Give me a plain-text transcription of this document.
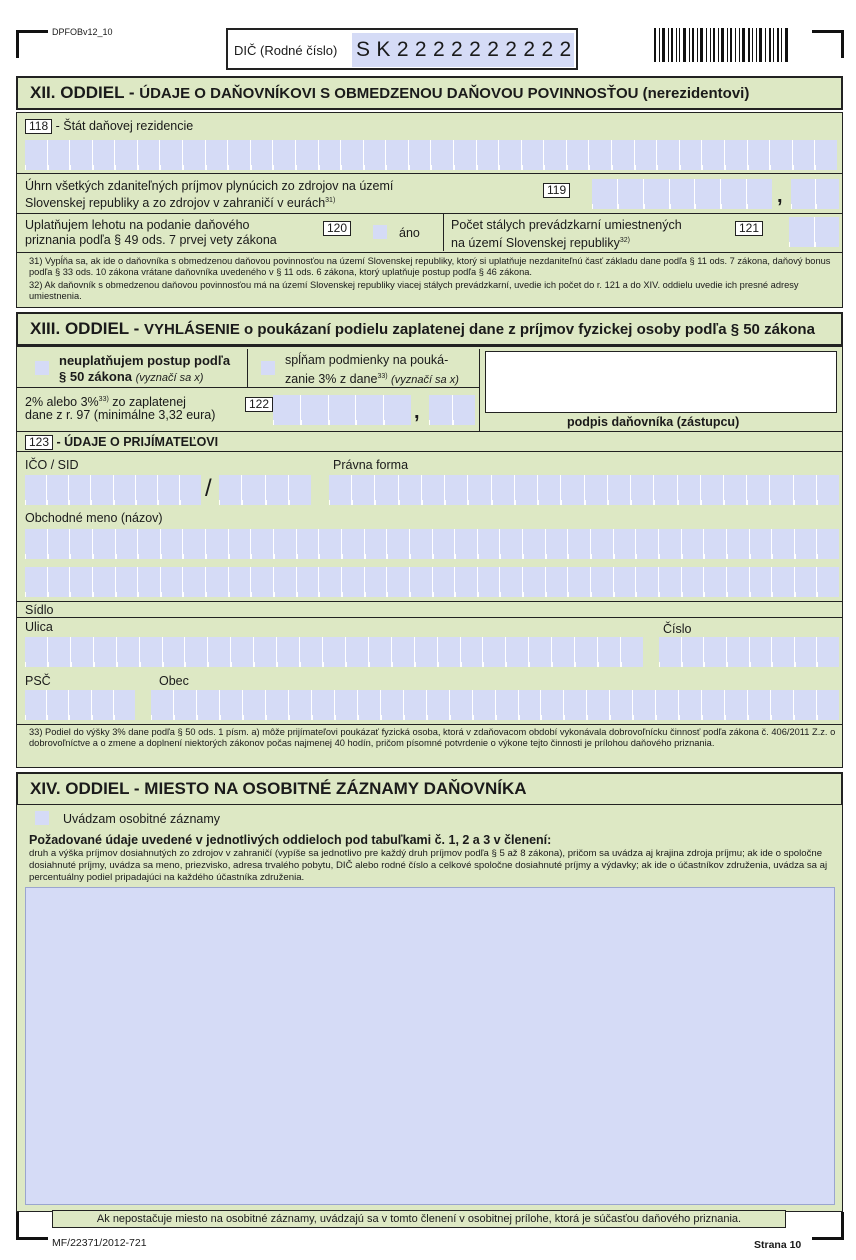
DPFOBv12_10
DIČ (Rodné číslo) SK2222222222
XII. ODDIEL - ÚDAJE O DAŇOVNÍKOVI S OBMEDZENOU DAŇOVOU POVINNOSŤOU (nerezidentovi)
118 - Štát daňovej rezidencie
Úhrn všetkých zdaniteľných príjmov plynúcich zo zdrojov na území
Slovenskej republiky a zo zdrojov v zahraničí v eurách$^{31)}$
119	,
Uplatňujem lehotu na podanie daňového
priznania podľa § 49 ods. 7 prvej vety zákona
120	áno
Počet stálych prevádzkarní umiestnených
na území Slovenskej republiky$^{32)}$
121
31) Vypĺňa sa, ak ide o daňovníka s obmedzenou daňovou povinnosťou na území Slovenskej republiky, ktorý si uplatňuje nezdaniteľnú časť základu dane podľa § 11 ods. 7 zákona, daňový bonus podľa § 33 ods. 10 zákona vrátane daňovníka uvedeného v § 11 ods. 6 zákona, ktorý uplatňuje postup podľa § 46 zákona.
32) Ak daňovník s obmedzenou daňovou povinnosťou má na území Slovenskej republiky viacej stálych prevádzkarní, uvedie ich počet do r. 121 a do XIV. oddielu uvedie ich presné adresy umiestnenia.
XIII. ODDIEL - VYHLÁSENIE o poukázaní podielu zaplatenej dane z príjmov fyzickej osoby podľa § 50 zákona
neuplatňujem postup podľa
§ 50 zákona (vyznačí sa x)
spĺňam podmienky na pouká-
zanie 3% z dane$^{33)}$ (vyznačí sa x)
podpis daňovníka (zástupcu)
2% alebo 3%$^{33)}$ zo zaplatenej
dane z r. 97 (minimálne 3,32 eura)
122	,
123 - ÚDAJE O PRIJÍMATEĽOVI
IČO / SID	Právna forma
/
Obchodné meno (názov)
Sídlo
Ulica	Číslo
PSČ	Obec
33) Podiel do výšky 3% dane podľa § 50 ods. 1 písm. a) môže prijímateľovi poukázať fyzická osoba, ktorá v zdaňovacom období vykonávala dobrovoľnícku činnosť podľa zákona č. 406/2011 Z.z. o dobrovoľníctve a o zmene a doplnení niektorých zákonov počas najmenej 40 hodín, pričom písomné potvrdenie o výkone tejto činnosti je prílohou daňového priznania.
XIV. ODDIEL - MIESTO NA OSOBITNÉ ZÁZNAMY DAŇOVNÍKA
Uvádzam osobitné záznamy
Požadované údaje uvedené v jednotlivých oddieloch pod tabuľkami č. 1, 2 a 3 v členení:
druh a výška príjmov dosiahnutých zo zdrojov v zahraničí (vypíše sa jednotlivo pre každý druh príjmov podľa § 5 až 8 zákona), pričom sa uvádza aj krajina zdroja príjmu; ak ide o spoločne dosiahnuté príjmy, uvádza sa meno, priezvisko, adresa trvalého pobytu, DIČ alebo rodné číslo a celkové spoločne dosiahnuté príjmy a výdavky; ak ide o účastníkov združenia, uvádza sa aj percentuálny podiel pripadajúci na každého účastníka združenia.
Ak nepostačuje miesto na osobitné záznamy, uvádzajú sa v tomto členení v osobitnej prílohe, ktorá je súčasťou daňového priznania.
MF/22371/2012-721	Strana 10
